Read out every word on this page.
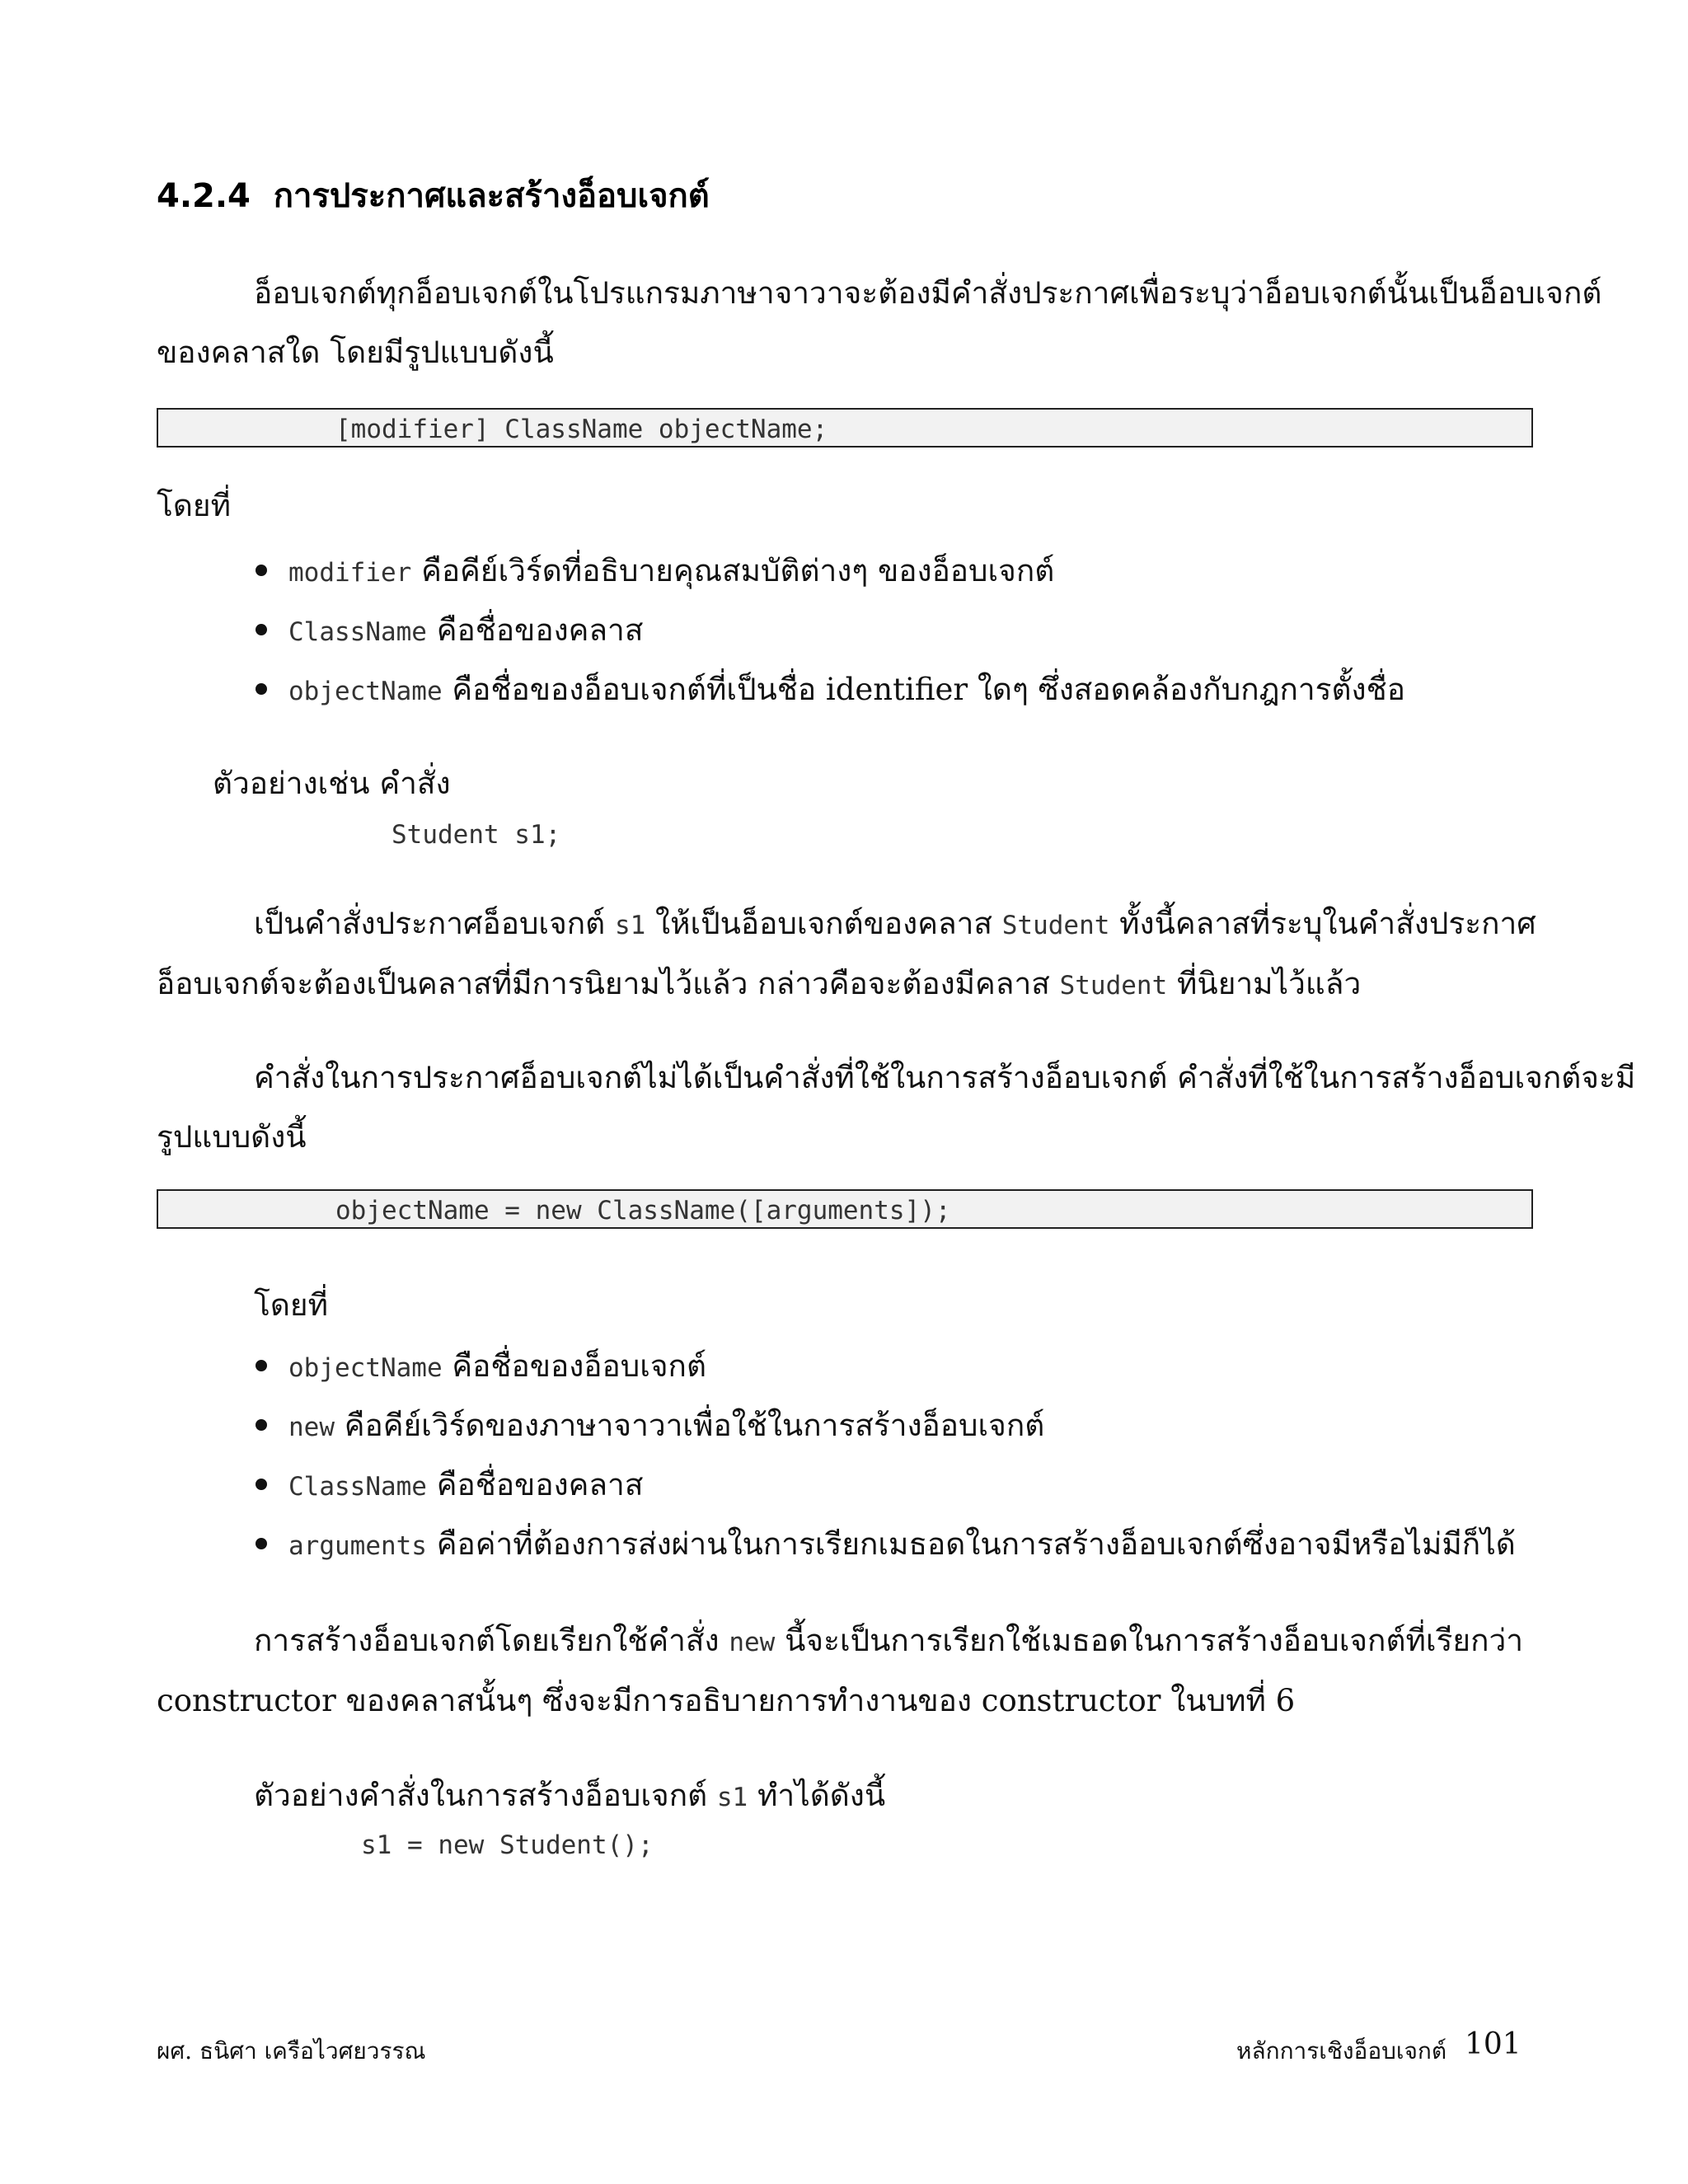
4.2.4 การประกาศและสร้างอ็อบเจกต์
อ็อบเจกต์ทุกอ็อบเจกต์ในโปรแกรมภาษาจาวาจะต้องมีคำสั่งประกาศเพื่อระบุว่าอ็อบเจกต์นั้นเป็นอ็อบเจกต์
ของคลาสใด โดยมีรูปแบบดังนี้
[modifier] ClassName objectName;
โดยที่
modifier คือคีย์เวิร์ดที่อธิบายคุณสมบัติต่างๆ ของอ็อบเจกต์
ClassName คือชื่อของคลาส
objectName คือชื่อของอ็อบเจกต์ที่เป็นชื่อ identifier ใดๆ ซึ่งสอดคล้องกับกฎการตั้งชื่อ
ตัวอย่างเช่น คำสั่ง
Student s1;
เป็นคำสั่งประกาศอ็อบเจกต์ s1 ให้เป็นอ็อบเจกต์ของคลาส Student ทั้งนี้คลาสที่ระบุในคำสั่งประกาศ
อ็อบเจกต์จะต้องเป็นคลาสที่มีการนิยามไว้แล้ว กล่าวคือจะต้องมีคลาส Student ที่นิยามไว้แล้ว
คำสั่งในการประกาศอ็อบเจกต์ไม่ได้เป็นคำสั่งที่ใช้ในการสร้างอ็อบเจกต์ คำสั่งที่ใช้ในการสร้างอ็อบเจกต์จะมี
รูปแบบดังนี้
objectName = new ClassName([arguments]);
โดยที่
objectName คือชื่อของอ็อบเจกต์
new คือคีย์เวิร์ดของภาษาจาวาเพื่อใช้ในการสร้างอ็อบเจกต์
ClassName คือชื่อของคลาส
arguments คือค่าที่ต้องการส่งผ่านในการเรียกเมธอดในการสร้างอ็อบเจกต์ซึ่งอาจมีหรือไม่มีก็ได้
การสร้างอ็อบเจกต์โดยเรียกใช้คำสั่ง new นี้จะเป็นการเรียกใช้เมธอดในการสร้างอ็อบเจกต์ที่เรียกว่า
constructor ของคลาสนั้นๆ ซึ่งจะมีการอธิบายการทำงานของ constructor ในบทที่ 6
ตัวอย่างคำสั่งในการสร้างอ็อบเจกต์ s1 ทำได้ดังนี้
s1 = new Student();
ผศ. ธนิศา เครือไวศยวรรณ	หลักการเชิงอ็อบเจกต์ 101
